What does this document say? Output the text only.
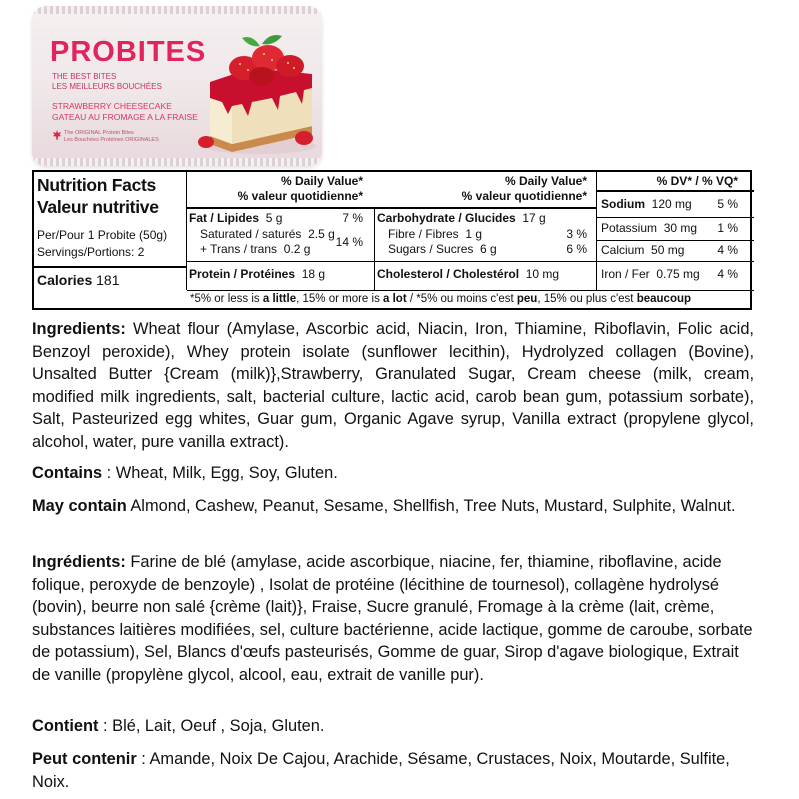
PROBITES
THE BEST BITES
LES MEILLEURS BOUCHÉES
STRAWBERRY CHEESECAKE
GATEAU AU FROMAGE A LA FRAISE
The ORIGINAL Protein Bites
Les Bouchées Protéines ORIGINALES
Nutrition Facts
Valeur nutritive
Per/Pour 1 Probite (50g)
Servings/Portions: 2
Calories 181
% Daily Value*
% valeur quotidienne*
Fat / Lipides 5 g	7 %
Saturated / saturés 2.5 g
+ Trans / trans 0.2 g 14 %
Protein / Protéines 18 g
% Daily Value*
% valeur quotidienne*
Carbohydrate / Glucides 17 g
Fibre / Fibres 1 g	3 %
Sugars / Sucres 6 g	6 %
Cholesterol / Cholestérol 10 mg
% DV* / % VQ*
Sodium 120 mg 5 %
Potassium 30 mg 1 %
Calcium 50 mg	4 %
Iron / Fer 0.75 mg 4 %
*5% or less is a little, 15% or more is a lot / *5% ou moins c'est peu, 15% ou plus c'est beaucoup
Ingredients: Wheat flour (Amylase, Ascorbic acid, Niacin, Iron, Thiamine, Riboflavin, Folic acid, Benzoyl peroxide), Whey protein isolate (sunflower lecithin), Hydrolyzed collagen (Bovine), Unsalted Butter {Cream (milk)},Strawberry, Granulated Sugar, Cream cheese (milk, cream, modified milk ingredients, salt, bacterial culture, lactic acid, carob bean gum, potassium sorbate), Salt, Pasteurized egg whites, Guar gum, Organic Agave syrup, Vanilla extract (propylene glycol, alcohol, water, pure vanilla extract).
Contains : Wheat, Milk, Egg, Soy, Gluten.
May contain Almond, Cashew, Peanut, Sesame, Shellfish, Tree Nuts, Mustard, Sulphite, Walnut.
Ingrédients: Farine de blé (amylase, acide ascorbique, niacine, fer, thiamine, riboflavine, acide folique, peroxyde de benzoyle) , Isolat de protéine (lécithine de tournesol), collagène hydrolysé (bovin), beurre non salé {crème (lait)}, Fraise, Sucre granulé, Fromage à la crème (lait, crème, substances laitières modifiées, sel, culture bactérienne, acide lactique, gomme de caroube, sorbate de potassium), Sel, Blancs d'œufs pasteurisés, Gomme de guar, Sirop d'agave biologique, Extrait de vanille (propylène glycol, alcool, eau, extrait de vanille pur).
Contient : Blé, Lait, Oeuf , Soja, Gluten.
Peut contenir : Amande, Noix De Cajou, Arachide, Sésame, Crustaces, Noix, Moutarde, Sulfite, Noix.
